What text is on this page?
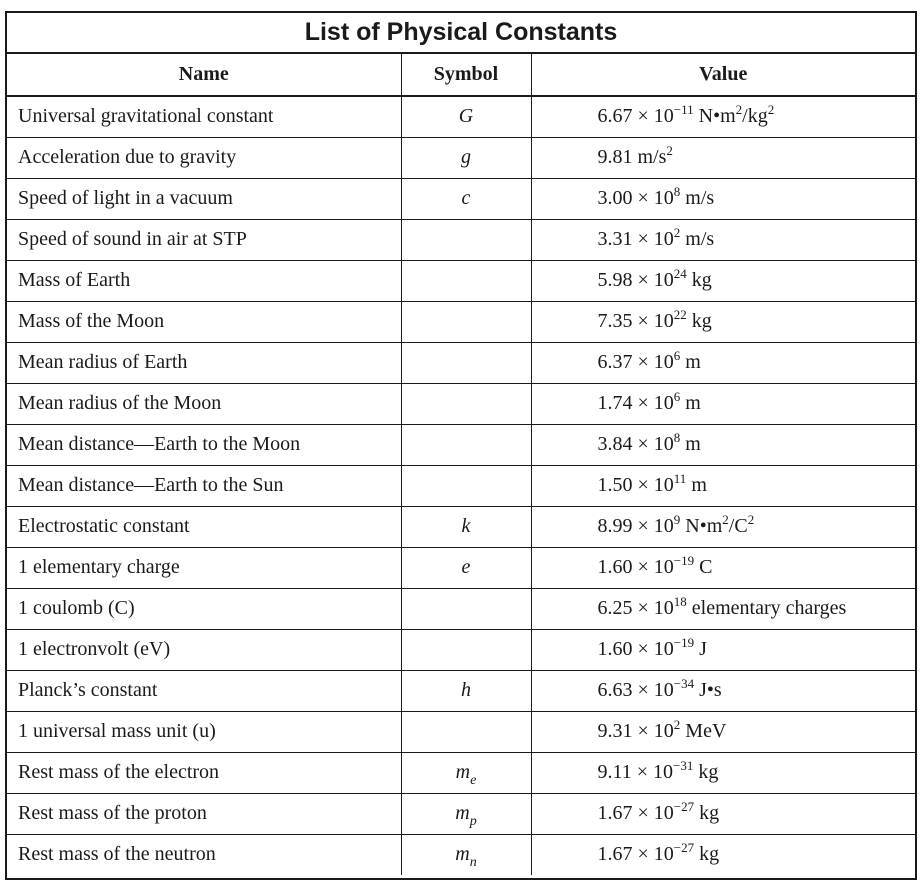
List of Physical Constants
Name	Symbol	Value
Universal gravitational constant	G	$6.67 \times 10^{-11}$ $N•m^2/kg^2$
Acceleration due to gravity	g	9.81 $m/s^2$
Speed of light in a vacuum	c	$3.00 \times 10^8$ m/s
Speed of sound in air at STP		$3.31 \times 10^2$ m/s
Mass of Earth		$5.98 \times 10^{24}$ kg
Mass of the Moon		$7.35 \times 10^{22}$ kg
Mean radius of Earth		$6.37 \times 10^6$ m
Mean radius of the Moon		$1.74 \times 10^6$ m
Mean distance—Earth to the Moon		$3.84 \times 10^8$ m
Mean distance—Earth to the Sun		$1.50 \times 10^{11}$ m
Electrostatic constant	k	$8.99 \times 10^9$ $N•m^2/C^2$
1 elementary charge	e	$1.60 \times 10^{-19}$ C
1 coulomb (C)		$6.25 \times 10^{18}$ elementary charges
1 electronvolt (eV)		$1.60 \times 10^{-19}$ J
Planck’s constant	h	$6.63 \times 10^{-34}$ J•s
1 universal mass unit (u)		$9.31 \times 10^2$ MeV
Rest mass of the electron	$m_e$	$9.11 \times 10^{-31}$ kg
Rest mass of the proton	$m_p$	$1.67 \times 10^{-27}$ kg
Rest mass of the neutron	$m_n$	$1.67 \times 10^{-27}$ kg
